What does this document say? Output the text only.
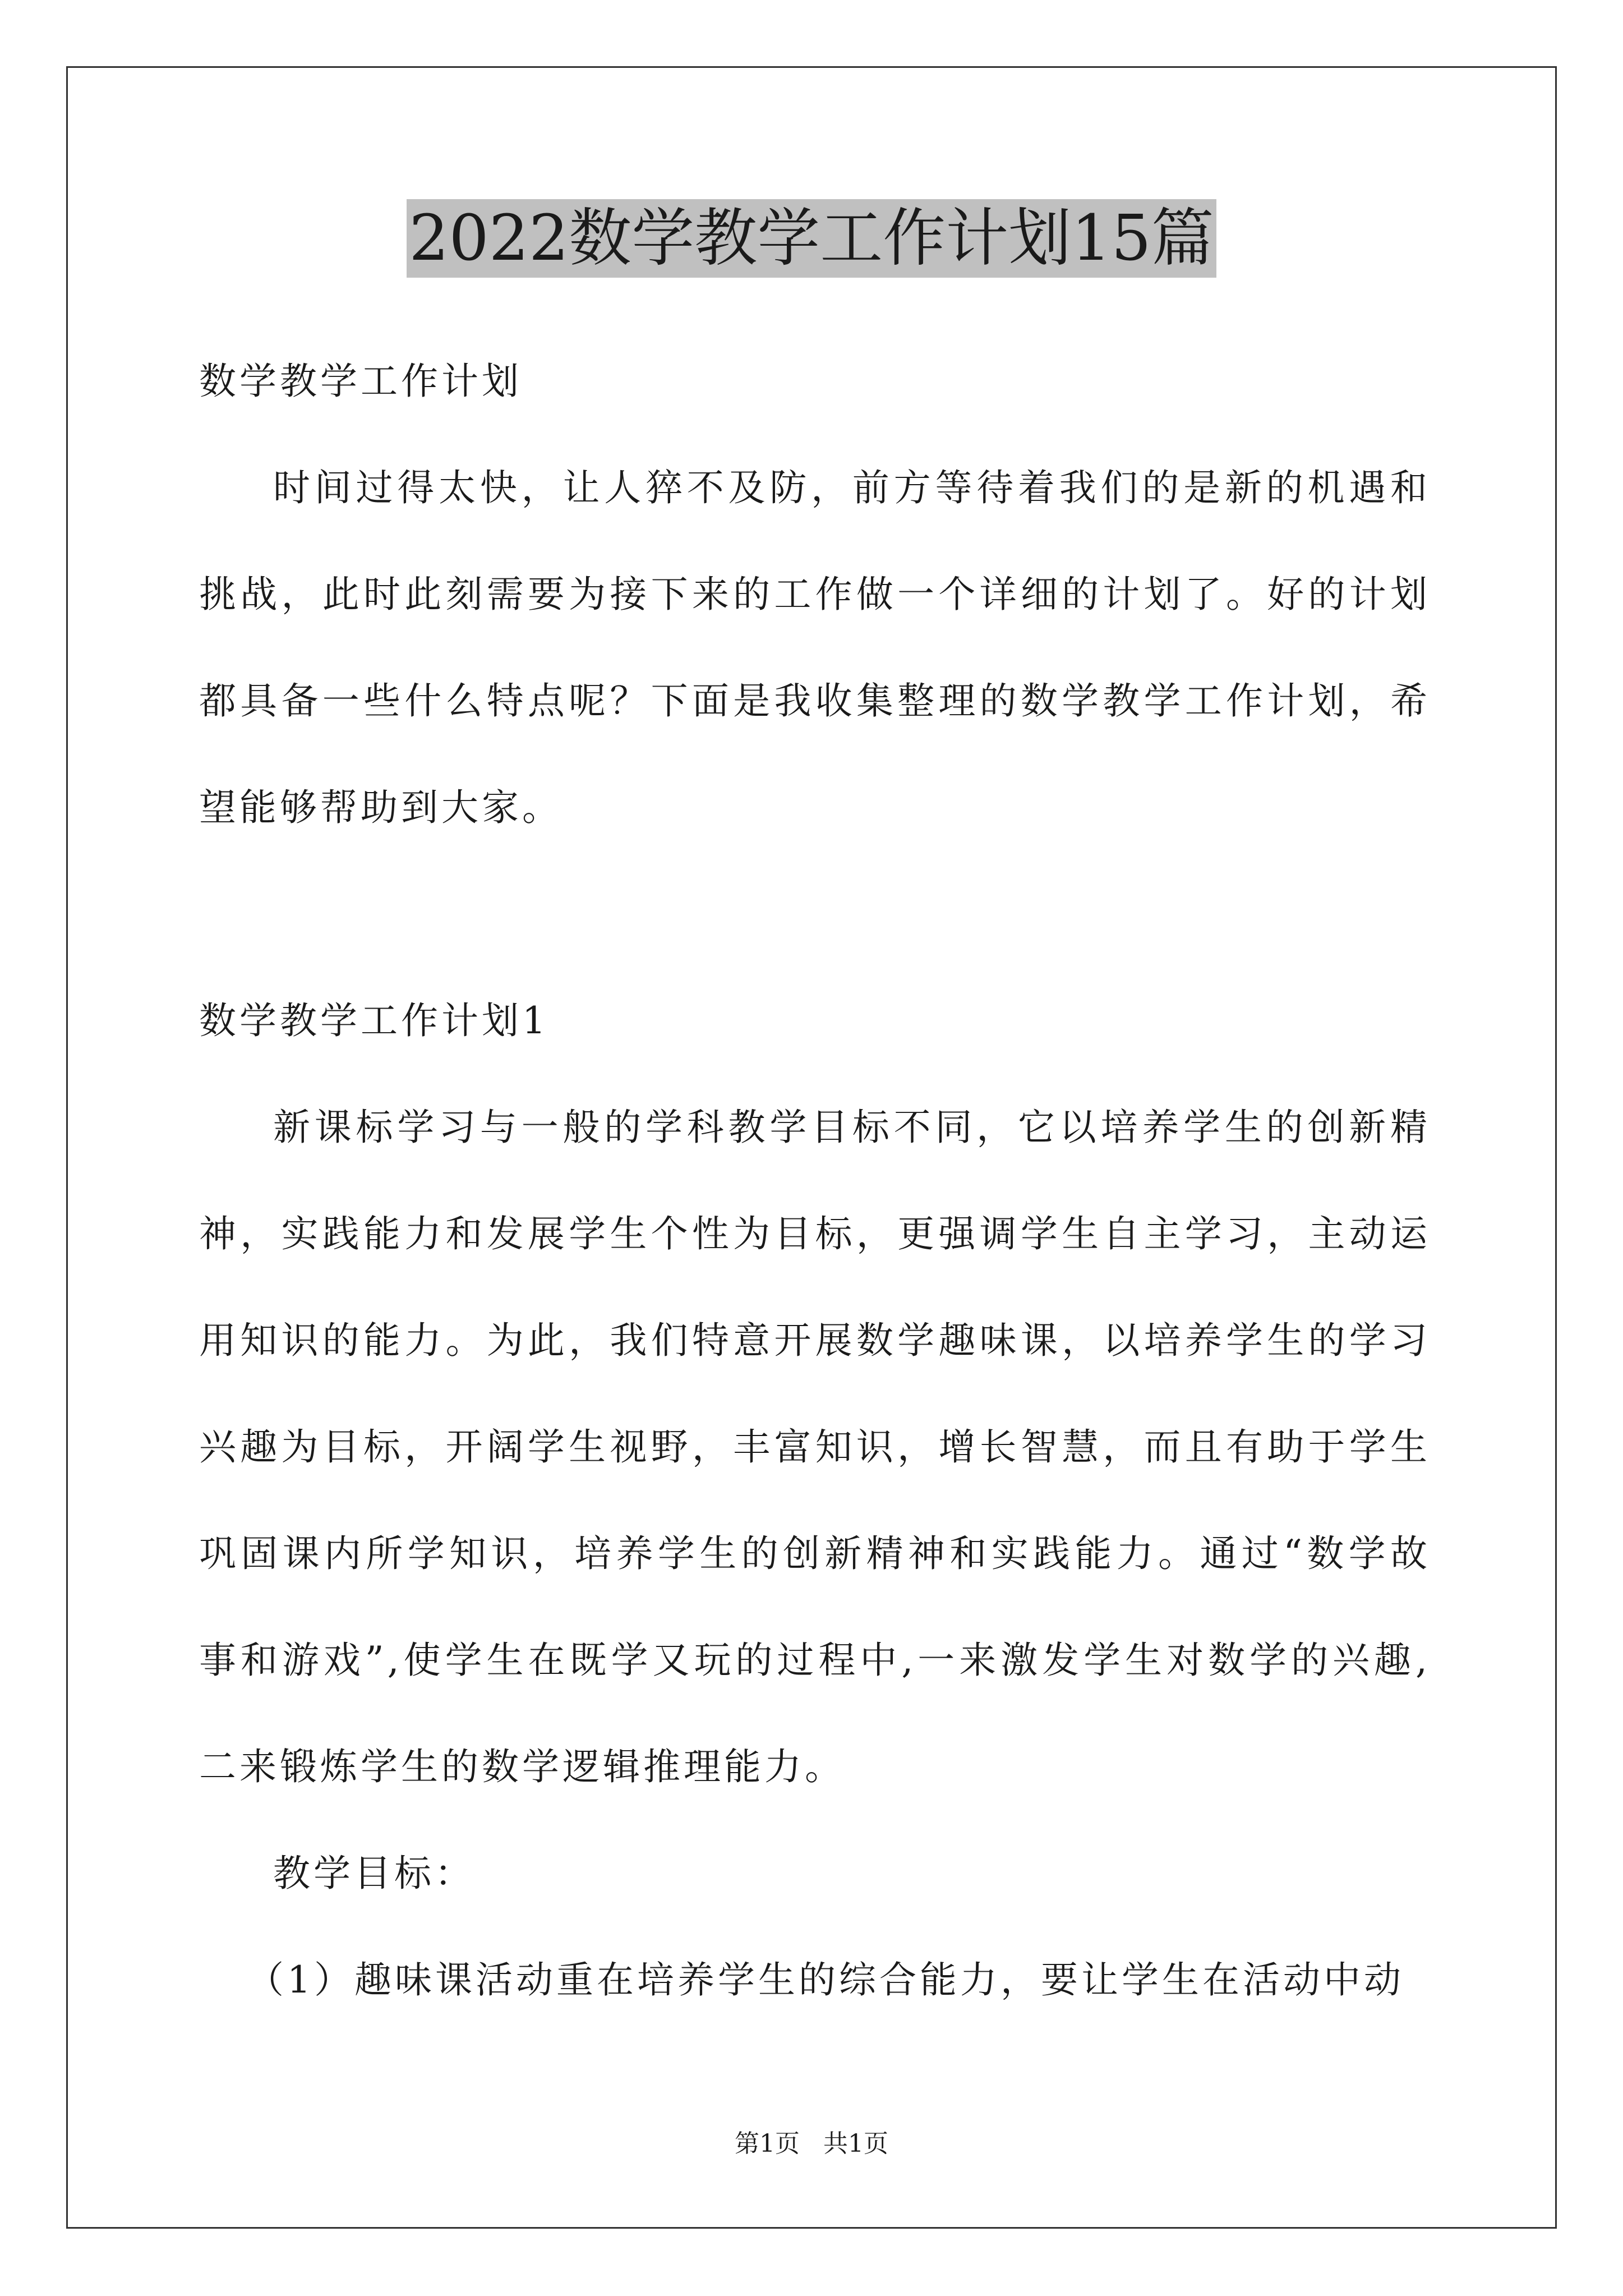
2022数学教学工作计划15篇
数学教学工作计划
时间过得太快，让人猝不及防，前方等待着我们的是新的机遇和挑战，此时此刻需要为接下来的工作做一个详细的计划了。好的计划都具备一些什么特点呢？下面是我收集整理的数学教学工作计划，希望能够帮助到大家。
数学教学工作计划1
新课标学习与一般的学科教学目标不同，它以培养学生的创新精神，实践能力和发展学生个性为目标，更强调学生自主学习，主动运用知识的能力。为此，我们特意开展数学趣味课，以培养学生的学习兴趣为目标，开阔学生视野，丰富知识，增长智慧，而且有助于学生巩固课内所学知识，培养学生的创新精神和实践能力。通过“数学故事和游戏”,使学生在既学又玩的过程中,一来激发学生对数学的兴趣,二来锻炼学生的数学逻辑推理能力。
教学目标：
（1）趣味课活动重在培养学生的综合能力，要让学生在活动中动
第1页 共1页
